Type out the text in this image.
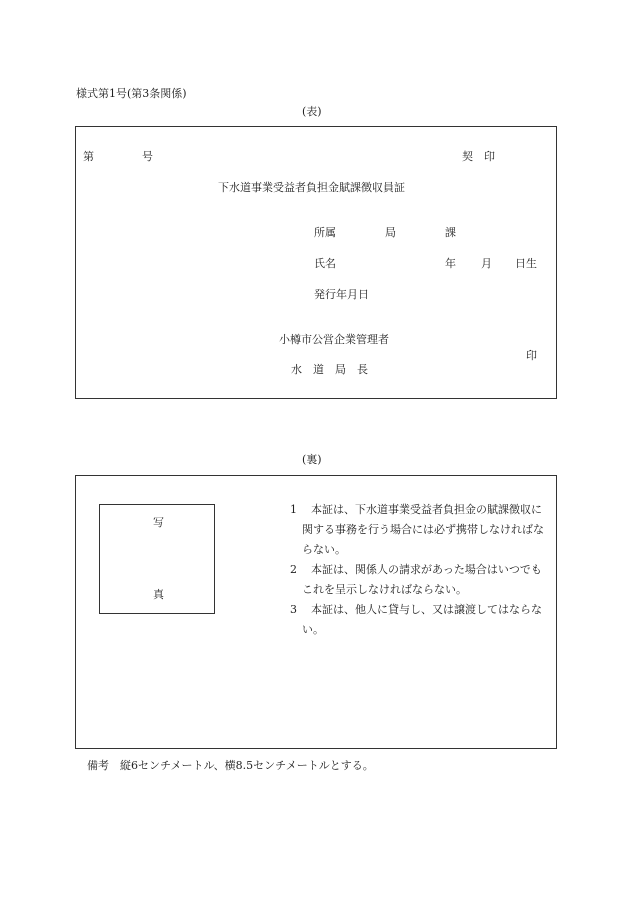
様式第1号(第3条関係)
(表)
第	号	契　印
下水道事業受益者負担金賦課徴収員証
所属	局	課
氏名	年 月 日生
発行年月日
小樽市公営企業管理者
印
水　道　局　長
(裏)
写
真

1　 本証は、下水道事業受益者負担金の賦課徴収に関する事務を行う場合には必ず携帯しなければならない。

2　 本証は、関係人の請求があった場合はいつでもこれを呈示しなければならない。

3　 本証は、他人に貸与し、又は譲渡してはならない。

備考　縦6センチメートル、横8.5センチメートルとする。
